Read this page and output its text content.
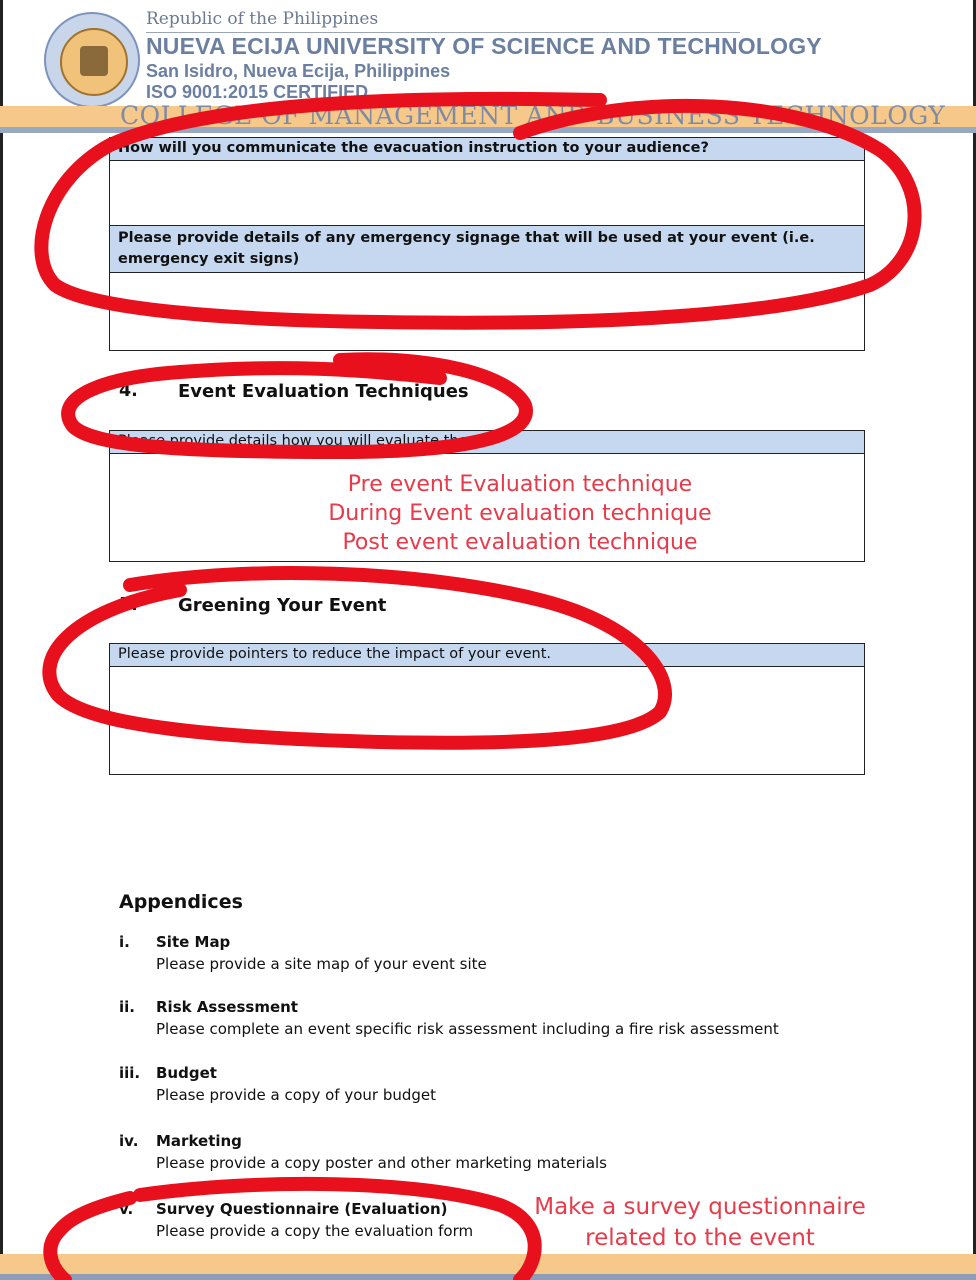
Republic of the Philippines
NUEVA ECIJA UNIVERSITY OF SCIENCE AND TECHNOLOGY
San Isidro, Nueva Ecija, Philippines
ISO 9001:2015 CERTIFIED
COLLEGE OF MANAGEMENT AND BUSINESS TECHNOLOGY
How will you communicate the evacuation instruction to your audience?

Please provide details of any emergency signage that will be used at your event (i.e. emergency exit signs)

4. Event Evaluation Techniques
Please provide details how you will evaluate the

Pre event Evaluation technique
During Event evaluation technique
Post event evaluation technique
5. Greening Your Event
Please provide pointers to reduce the impact of your event.

Appendices
i. Site Map
Please provide a site map of your event site
ii. Risk Assessment
Please complete an event specific risk assessment including a fire risk assessment
iii. Budget
Please provide a copy of your budget
iv. Marketing
Please provide a copy poster and other marketing materials
v. Survey Questionnaire (Evaluation)
Please provide a copy the evaluation form
Make a survey questionnaire
related to the event
